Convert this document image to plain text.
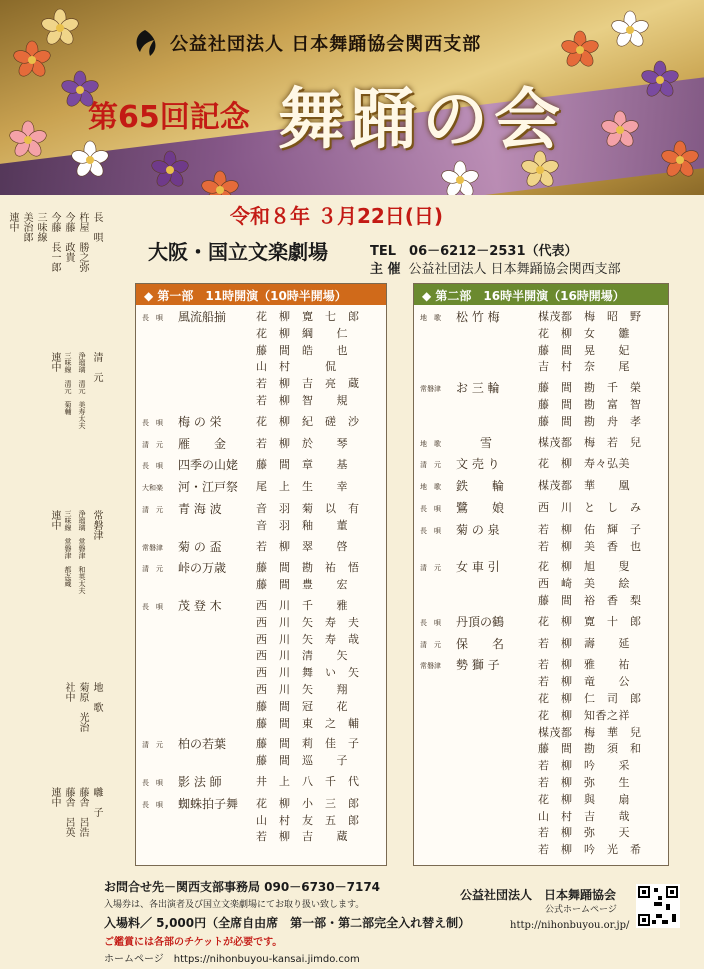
公益社団法人 日本舞踊協会関西支部
第65回記念 舞踊の会
令和８年 ３月22日(日)
大阪・国立文楽劇場	TEL　06－6212－2531（代表）
主 催 公益社団法人 日本舞踊協会関西支部
長　唄
杵屋　勝之弥
今藤　政貴
今藤　長一郎
三味線
美治郎
連中
清　元
浄瑠璃　清元　美寿太夫
三味線　清元　菊輔
連中
常磐津
浄瑠璃　常磐津　和英太夫
三味線　常磐津　都㐂蔵
連中
地　歌
菊原　光治
社中
囃　子
藤舎　呂浩
藤舎　呂英
連中
◆ 第一部　11時開演（10時半開場）
長　唄	風流船揃	花　柳　寛　七　郎
花　柳　綱　　仁
藤　間　皓　　也
山　村　　　侃
若　柳　吉　亮　蔵
若　柳　智　　規
長　唄	梅 の 栄	花　柳　紀　磋　沙
清　元	雁　　金	若　柳　於　　琴
長　唄	四季の山姥	藤　間　章　　基
大和楽	河・江戸祭	尾　上　生　　幸
清　元	青 海 波	音　羽　菊　以　有
音　羽　釉　　董
常磐津	菊 の 盃	若　柳　翠　　啓
清　元	峠の万歳	藤　間　勘　祐　悟
藤　間　豊　　宏
長　唄	茂 登 木	西　川　千　　雅
西　川　矢　寿　夫
西　川　矢　寿　哉
西　川　清　　矢
西　川　舞　い　矢
西　川　矢　　翔
藤　間　冠　　花
藤　間　東　之　輔
清　元	柏の若葉	藤　間　莉　佳　子
藤　間　巡　　子
長　唄	影 法 師	井　上　八　千　代
長　唄	蜘蛛拍子舞	花　柳　小　三　郎
山　村　友　五　郎
若　柳　吉　　蔵
◆ 第二部　16時半開演（16時開場）
地　歌	松 竹 梅	楳茂都　梅　昭　野
花　柳　女　　雛
藤　間　晃　　妃
吉　村　奈　　尾
常磐津	お 三 輪	藤　間　勘　千　榮
藤　間　勘　富　智
藤　間　勘　舟　孝
地　歌	　　雪	楳茂都　梅　若　兒
清　元	文 売 り	花　柳　寿々弘美
地　歌	鉄　　輪	楳茂都　華　　凰
長　唄	鷺　　娘	西　川　と　し　み
長　唄	菊 の 泉	若　柳　佑　輝　子
若　柳　美　香　也
清　元	女 車 引	花　柳　旭　　叟
西　崎　美　　絵
藤　間　裕　香　梨
長　唄	丹頂の鶴	花　柳　寛　十　郎
清　元	保　　名	若　柳　壽　　延
常磐津	勢 獅 子	若　柳　雅　　祐
若　柳　竜　　公
花　柳　仁　司　郎
花　柳　知香之祥
楳茂都　梅　華　兒
藤　間　勘　須　和
若　柳　吟　　采
若　柳　弥　　生
花　柳　與　　扇
山　村　吉　　哉
若　柳　弥　　天
若　柳　吟　光　希
お問合せ先－関西支部事務局 090－6730－7174
入場券は、各出演者及び国立文楽劇場にてお取り扱い致します。
入場料／ 5,000円（全席自由席　第一部・第二部完全入れ替え制）
ご鑑賞には各部のチケットが必要です。
ホームページ　https://nihonbuyou-kansai.jimdo.com
公益社団法人　日本舞踊協会
公式ホームページ
http://nihonbuyou.or.jp/
